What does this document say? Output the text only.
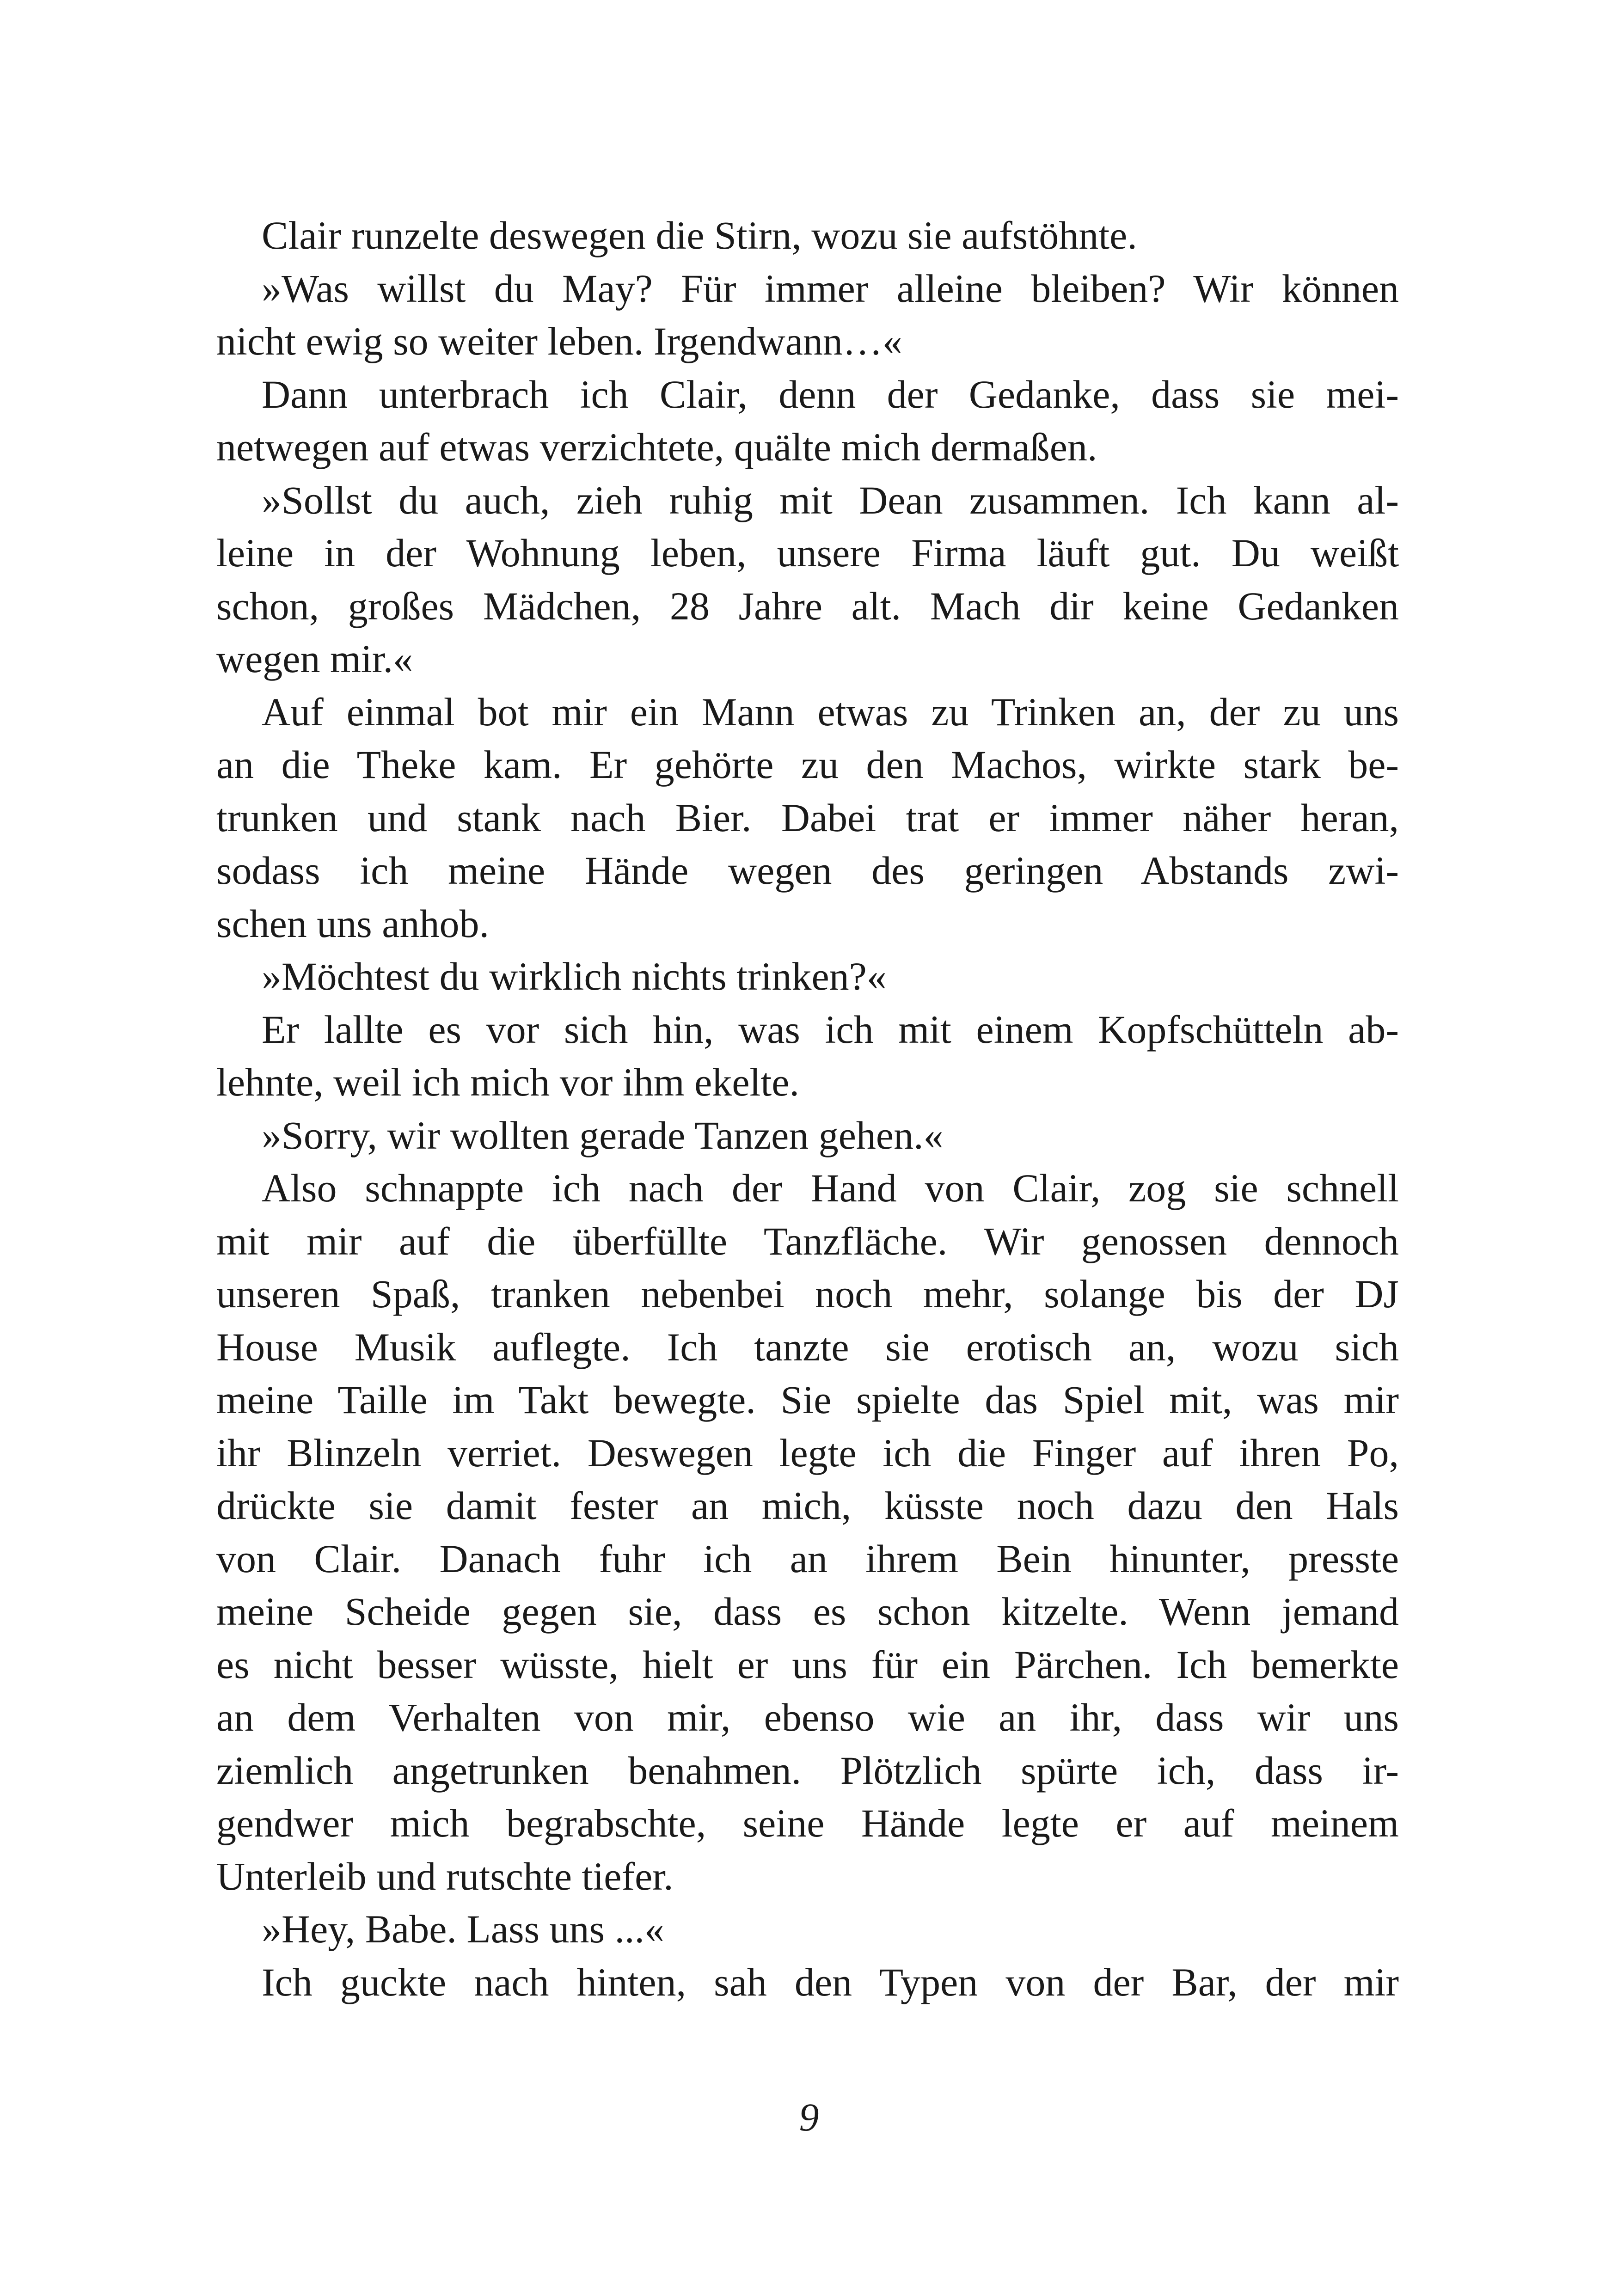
Clair runzelte deswegen die Stirn, wozu sie aufstöhnte.
»Was willst du May? Für immer alleine bleiben? Wir können
nicht ewig so weiter leben. Irgendwann…«
Dann unterbrach ich Clair, denn der Gedanke, dass sie mei-
netwegen auf etwas verzichtete, quälte mich dermaßen.
»Sollst du auch, zieh ruhig mit Dean zusammen. Ich kann al-
leine in der Wohnung leben, unsere Firma läuft gut. Du weißt
schon, großes Mädchen, 28 Jahre alt. Mach dir keine Gedanken
wegen mir.«
Auf einmal bot mir ein Mann etwas zu Trinken an, der zu uns
an die Theke kam. Er gehörte zu den Machos, wirkte stark be-
trunken und stank nach Bier. Dabei trat er immer näher heran,
sodass ich meine Hände wegen des geringen Abstands zwi-
schen uns anhob.
»Möchtest du wirklich nichts trinken?«
Er lallte es vor sich hin, was ich mit einem Kopfschütteln ab-
lehnte, weil ich mich vor ihm ekelte.
»Sorry, wir wollten gerade Tanzen gehen.«
Also schnappte ich nach der Hand von Clair, zog sie schnell
mit mir auf die überfüllte Tanzfläche. Wir genossen dennoch
unseren Spaß, tranken nebenbei noch mehr, solange bis der DJ
House Musik auflegte. Ich tanzte sie erotisch an, wozu sich
meine Taille im Takt bewegte. Sie spielte das Spiel mit, was mir
ihr Blinzeln verriet. Deswegen legte ich die Finger auf ihren Po,
drückte sie damit fester an mich, küsste noch dazu den Hals
von Clair. Danach fuhr ich an ihrem Bein hinunter, presste
meine Scheide gegen sie, dass es schon kitzelte. Wenn jemand
es nicht besser wüsste, hielt er uns für ein Pärchen. Ich bemerkte
an dem Verhalten von mir, ebenso wie an ihr, dass wir uns
ziemlich angetrunken benahmen. Plötzlich spürte ich, dass ir-
gendwer mich begrabschte, seine Hände legte er auf meinem
Unterleib und rutschte tiefer.
»Hey, Babe. Lass uns ...«
Ich guckte nach hinten, sah den Typen von der Bar, der mir
9
